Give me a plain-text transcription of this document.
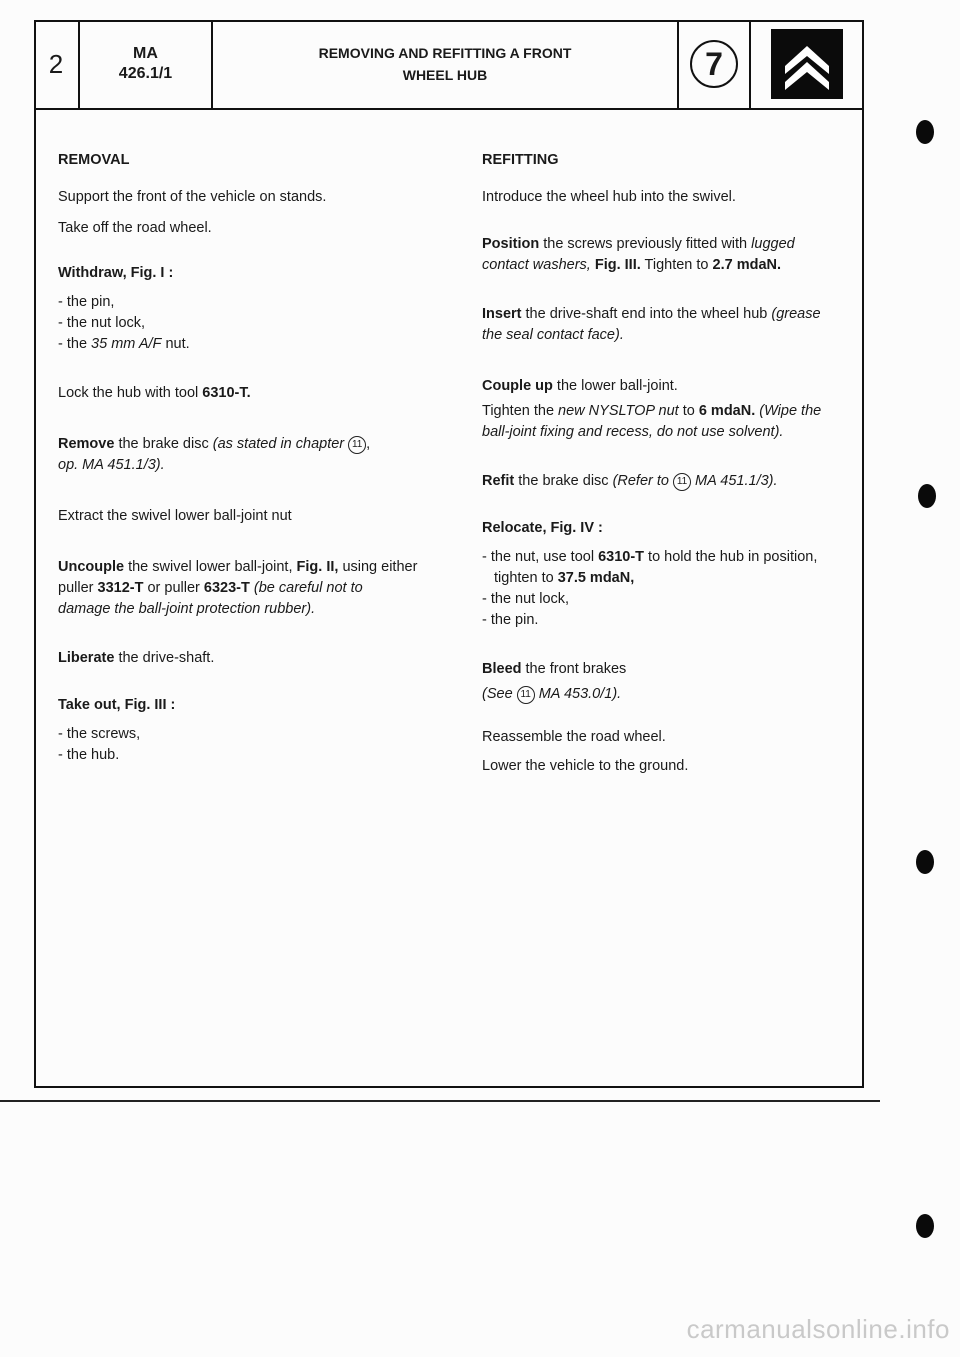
2	MA
426.1/1
REMOVING AND REFITTING A FRONT
WHEEL HUB	7

REMOVAL

Support the front of the vehicle on stands.

Take off the road wheel.

Withdraw, Fig. I :

- the pin,

- the nut lock,

- the 35 mm A/F nut.

Lock the hub with tool 6310-T.

Remove the brake disc (as stated in chapter 11 ,
op. MA 451.1/3).

Extract the swivel lower ball-joint nut

Uncouple the swivel lower ball-joint, Fig. II, using either puller 3312-T or puller 6323-T (be careful not to damage the ball-joint protection rubber).

Liberate the drive-shaft.

Take out, Fig. III :

- the screws,

- the hub.

REFITTING

Introduce the wheel hub into the swivel.

Position the screws previously fitted with lugged contact washers, Fig. III. Tighten to 2.7 mdaN.

Insert the drive-shaft end into the wheel hub (grease the seal contact face).

Couple up the lower ball-joint.

Tighten the new NYSLTOP nut to 6 mdaN. (Wipe the ball-joint fixing and recess, do not use solvent).

Refit the brake disc (Refer to 11 MA 451.1/3).

Relocate, Fig. IV :

- the nut, use tool 6310-T to hold the hub in position, tighten to 37.5 mdaN,

- the nut lock,

- the pin.

Bleed the front brakes

(See 11 MA 453.0/1).

Reassemble the road wheel.

Lower the vehicle to the ground.

carmanualsonline.info
